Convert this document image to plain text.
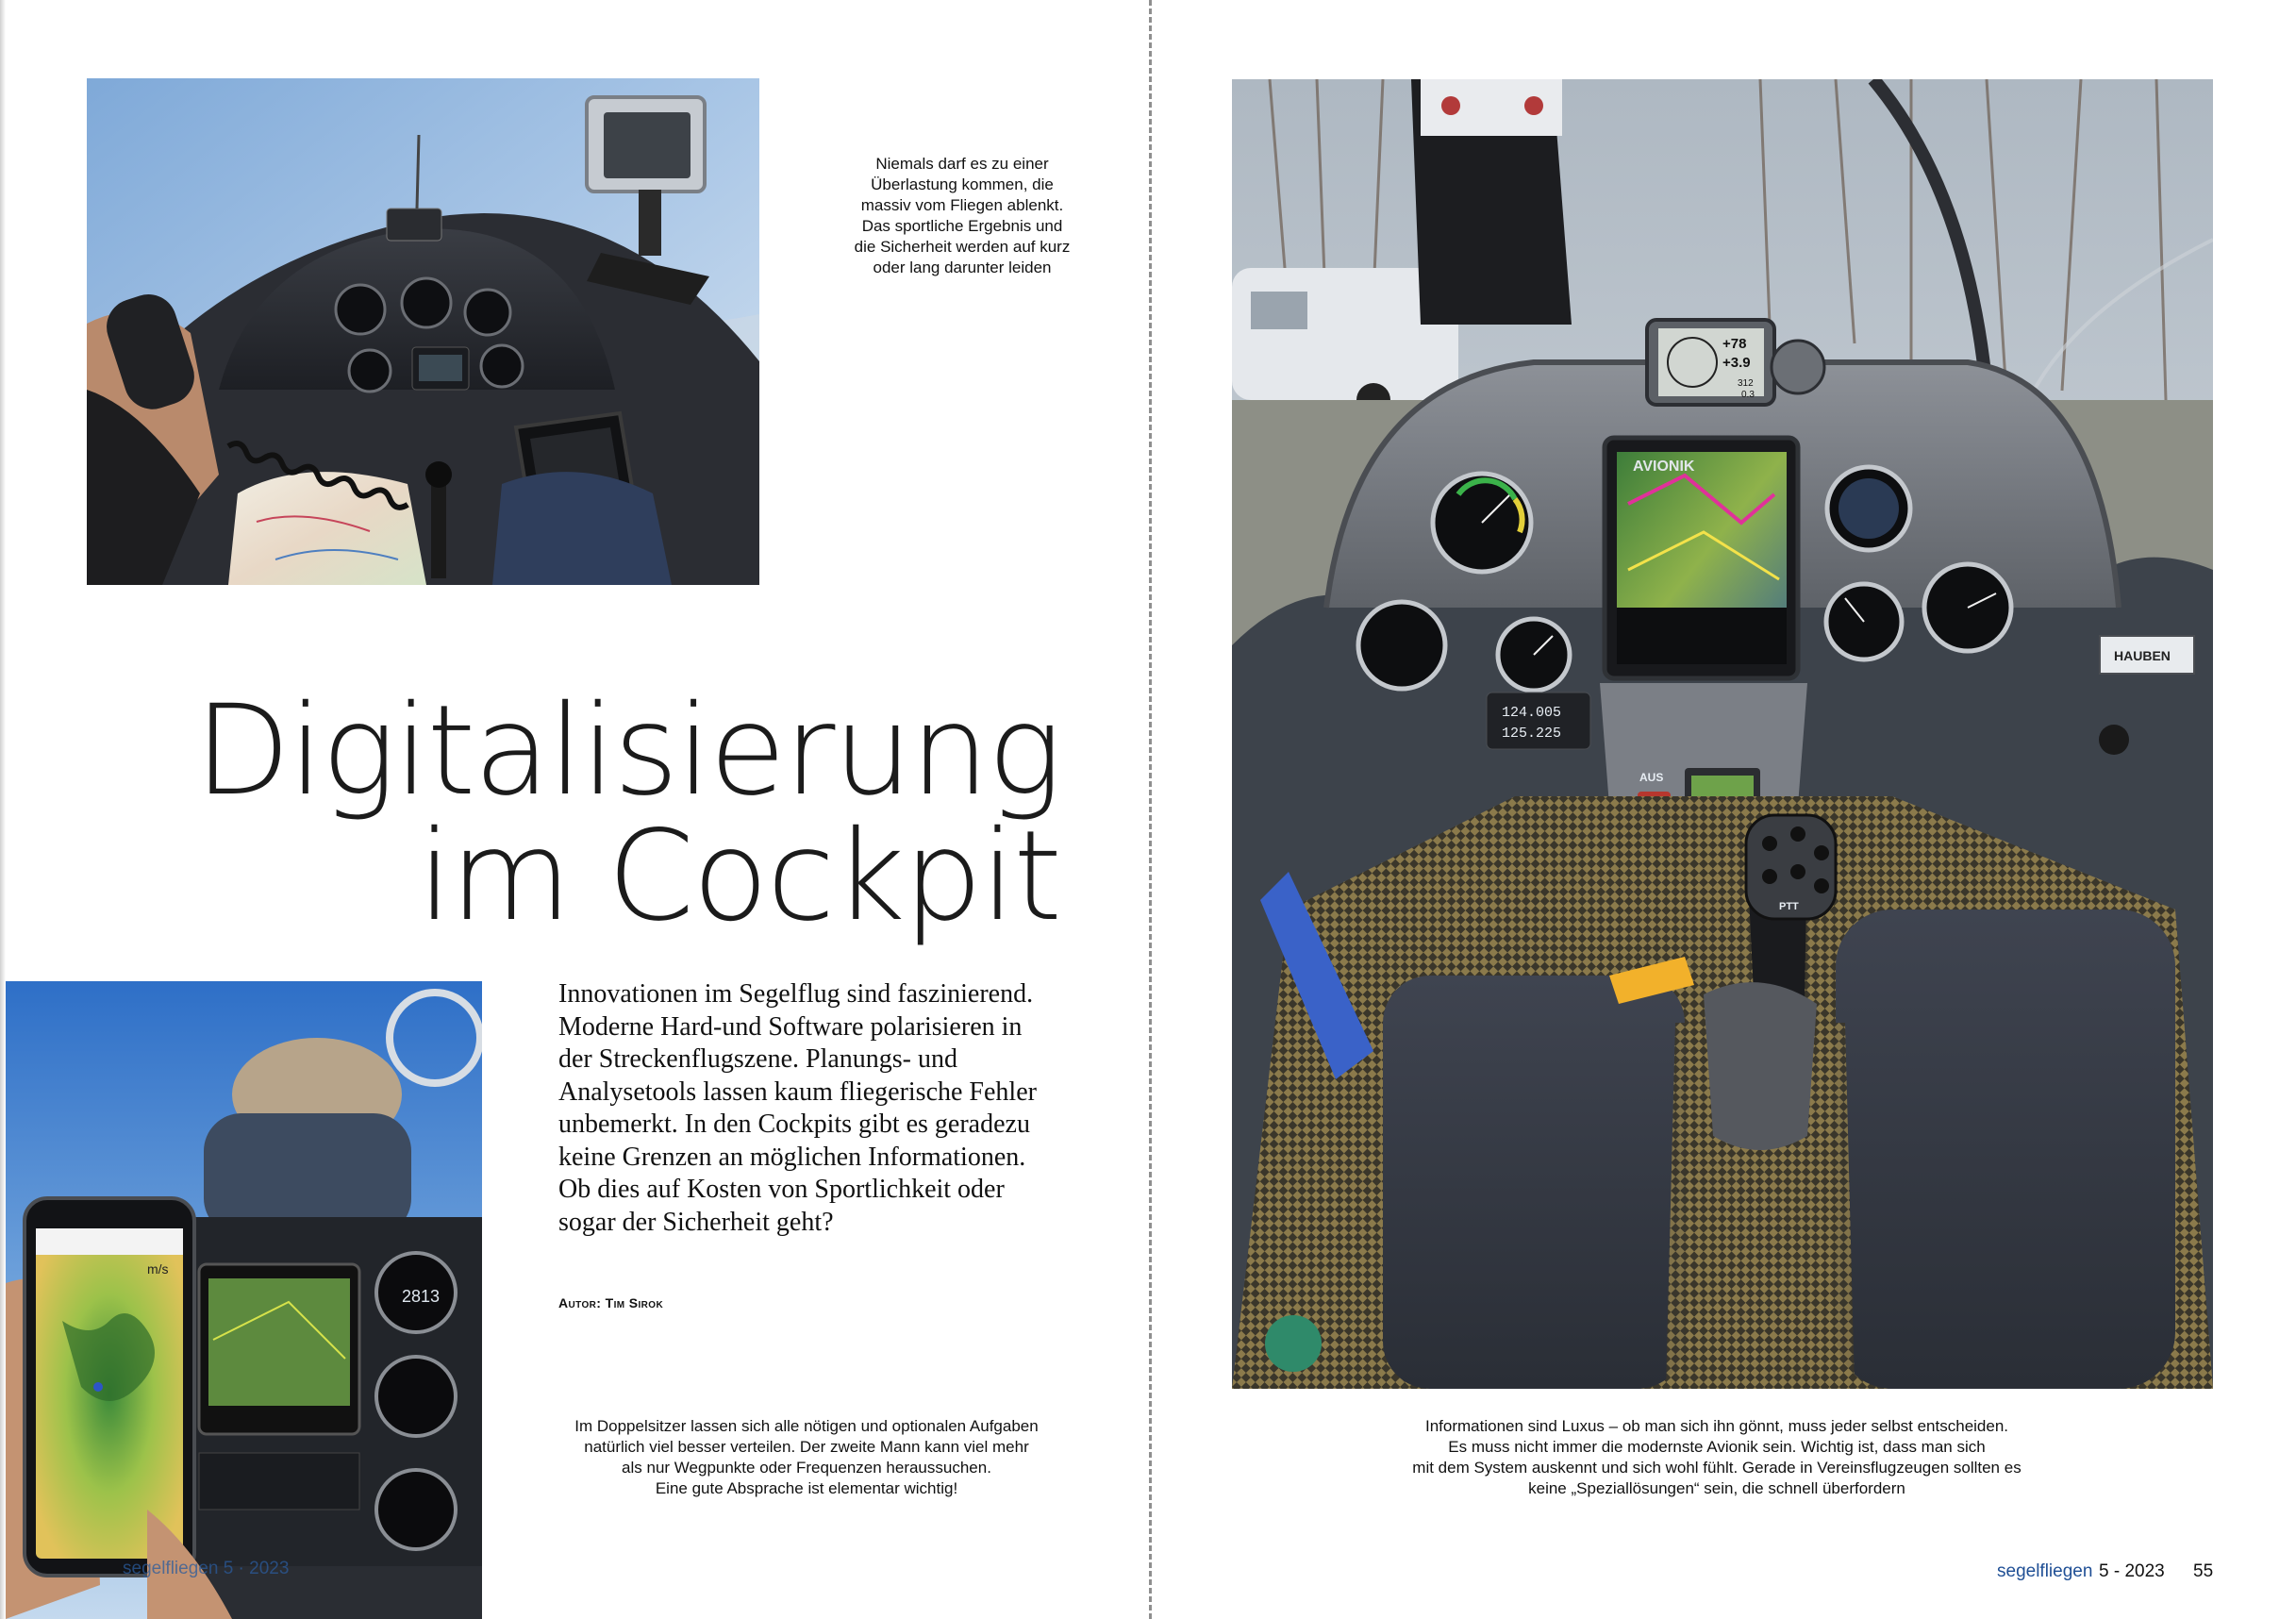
Niemals darf es zu einer
Überlastung kommen, die
massiv vom Fliegen ablenkt.
Das sportliche Ergebnis und
die Sicherheit werden auf kurz
oder lang darunter leiden
Digitalisierung
im Cockpit
2813
m/s
Innovationen im Segelflug sind faszinierend.
Moderne Hard-und Software polarisieren in
der Streckenflugszene. Planungs- und
Analysetools lassen kaum fliegerische Fehler
unbemerkt. In den Cockpits gibt es geradezu
keine Grenzen an möglichen Informationen.
Ob dies auf Kosten von Sportlichkeit oder
sogar der Sicherheit geht?
Autor: Tim Sirok
Im Doppelsitzer lassen sich alle nötigen und optionalen Aufgaben
natürlich viel besser verteilen. Der zweite Mann kann viel mehr
als nur Wegpunkte oder Frequenzen heraussuchen.
Eine gute Absprache ist elementar wichtig!
segelfliegen 5 · 2023
+78
+3.9
312
0.3
AVIONIK
124.005
125.225
AUS
HAUBEN
PTT
Informationen sind Luxus – ob man sich ihn gönnt, muss jeder selbst entscheiden.
Es muss nicht immer die modernste Avionik sein. Wichtig ist, dass man sich
mit dem System auskennt und sich wohl fühlt. Gerade in Vereinsflugzeugen sollten es
keine „Speziallösungen“ sein, die schnell überfordern
segelfliegen 5 - 2023 55
